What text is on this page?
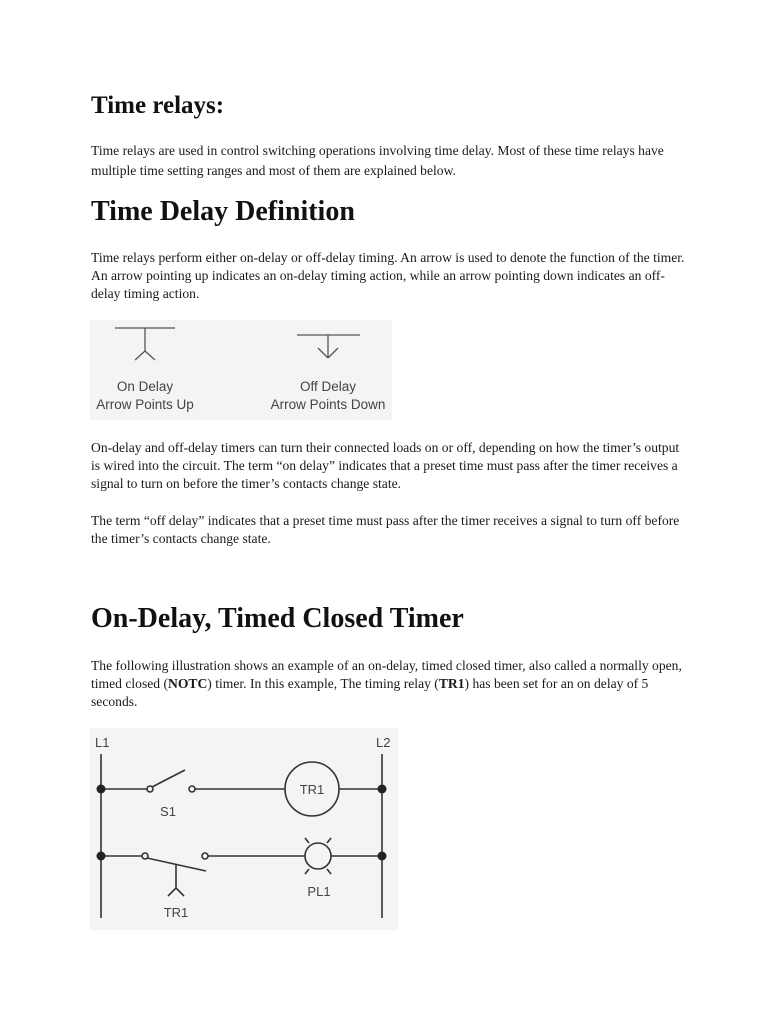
Time relays:

Time relays are used in control switching operations involving time delay. Most of these time relays have multiple time setting ranges and most of them are explained below.

Time Delay Definition

Time relays perform either on-delay or off-delay timing. An arrow is used to denote the function of the timer. An arrow pointing up indicates an on-delay timing action, while an arrow pointing down indicates an off-delay timing action.

On Delay
Arrow Points Up
Off Delay
Arrow Points Down

On-delay and off-delay timers can turn their connected loads on or off, depending on how the timer’s output is wired into the circuit. The term “on delay” indicates that a preset time must pass after the timer receives a signal to turn on before the timer’s contacts change state.

The term “off delay” indicates that a preset time must pass after the timer receives a signal to turn off before the timer’s contacts change state.

On-Delay, Timed Closed Timer

The following illustration shows an example of an on-delay, timed closed timer, also called a normally open, timed closed (NOTC) timer. In this example, The timing relay (TR1) has been set for an on delay of 5 seconds.

L1	L2
S1
TR1
TR1
PL1
